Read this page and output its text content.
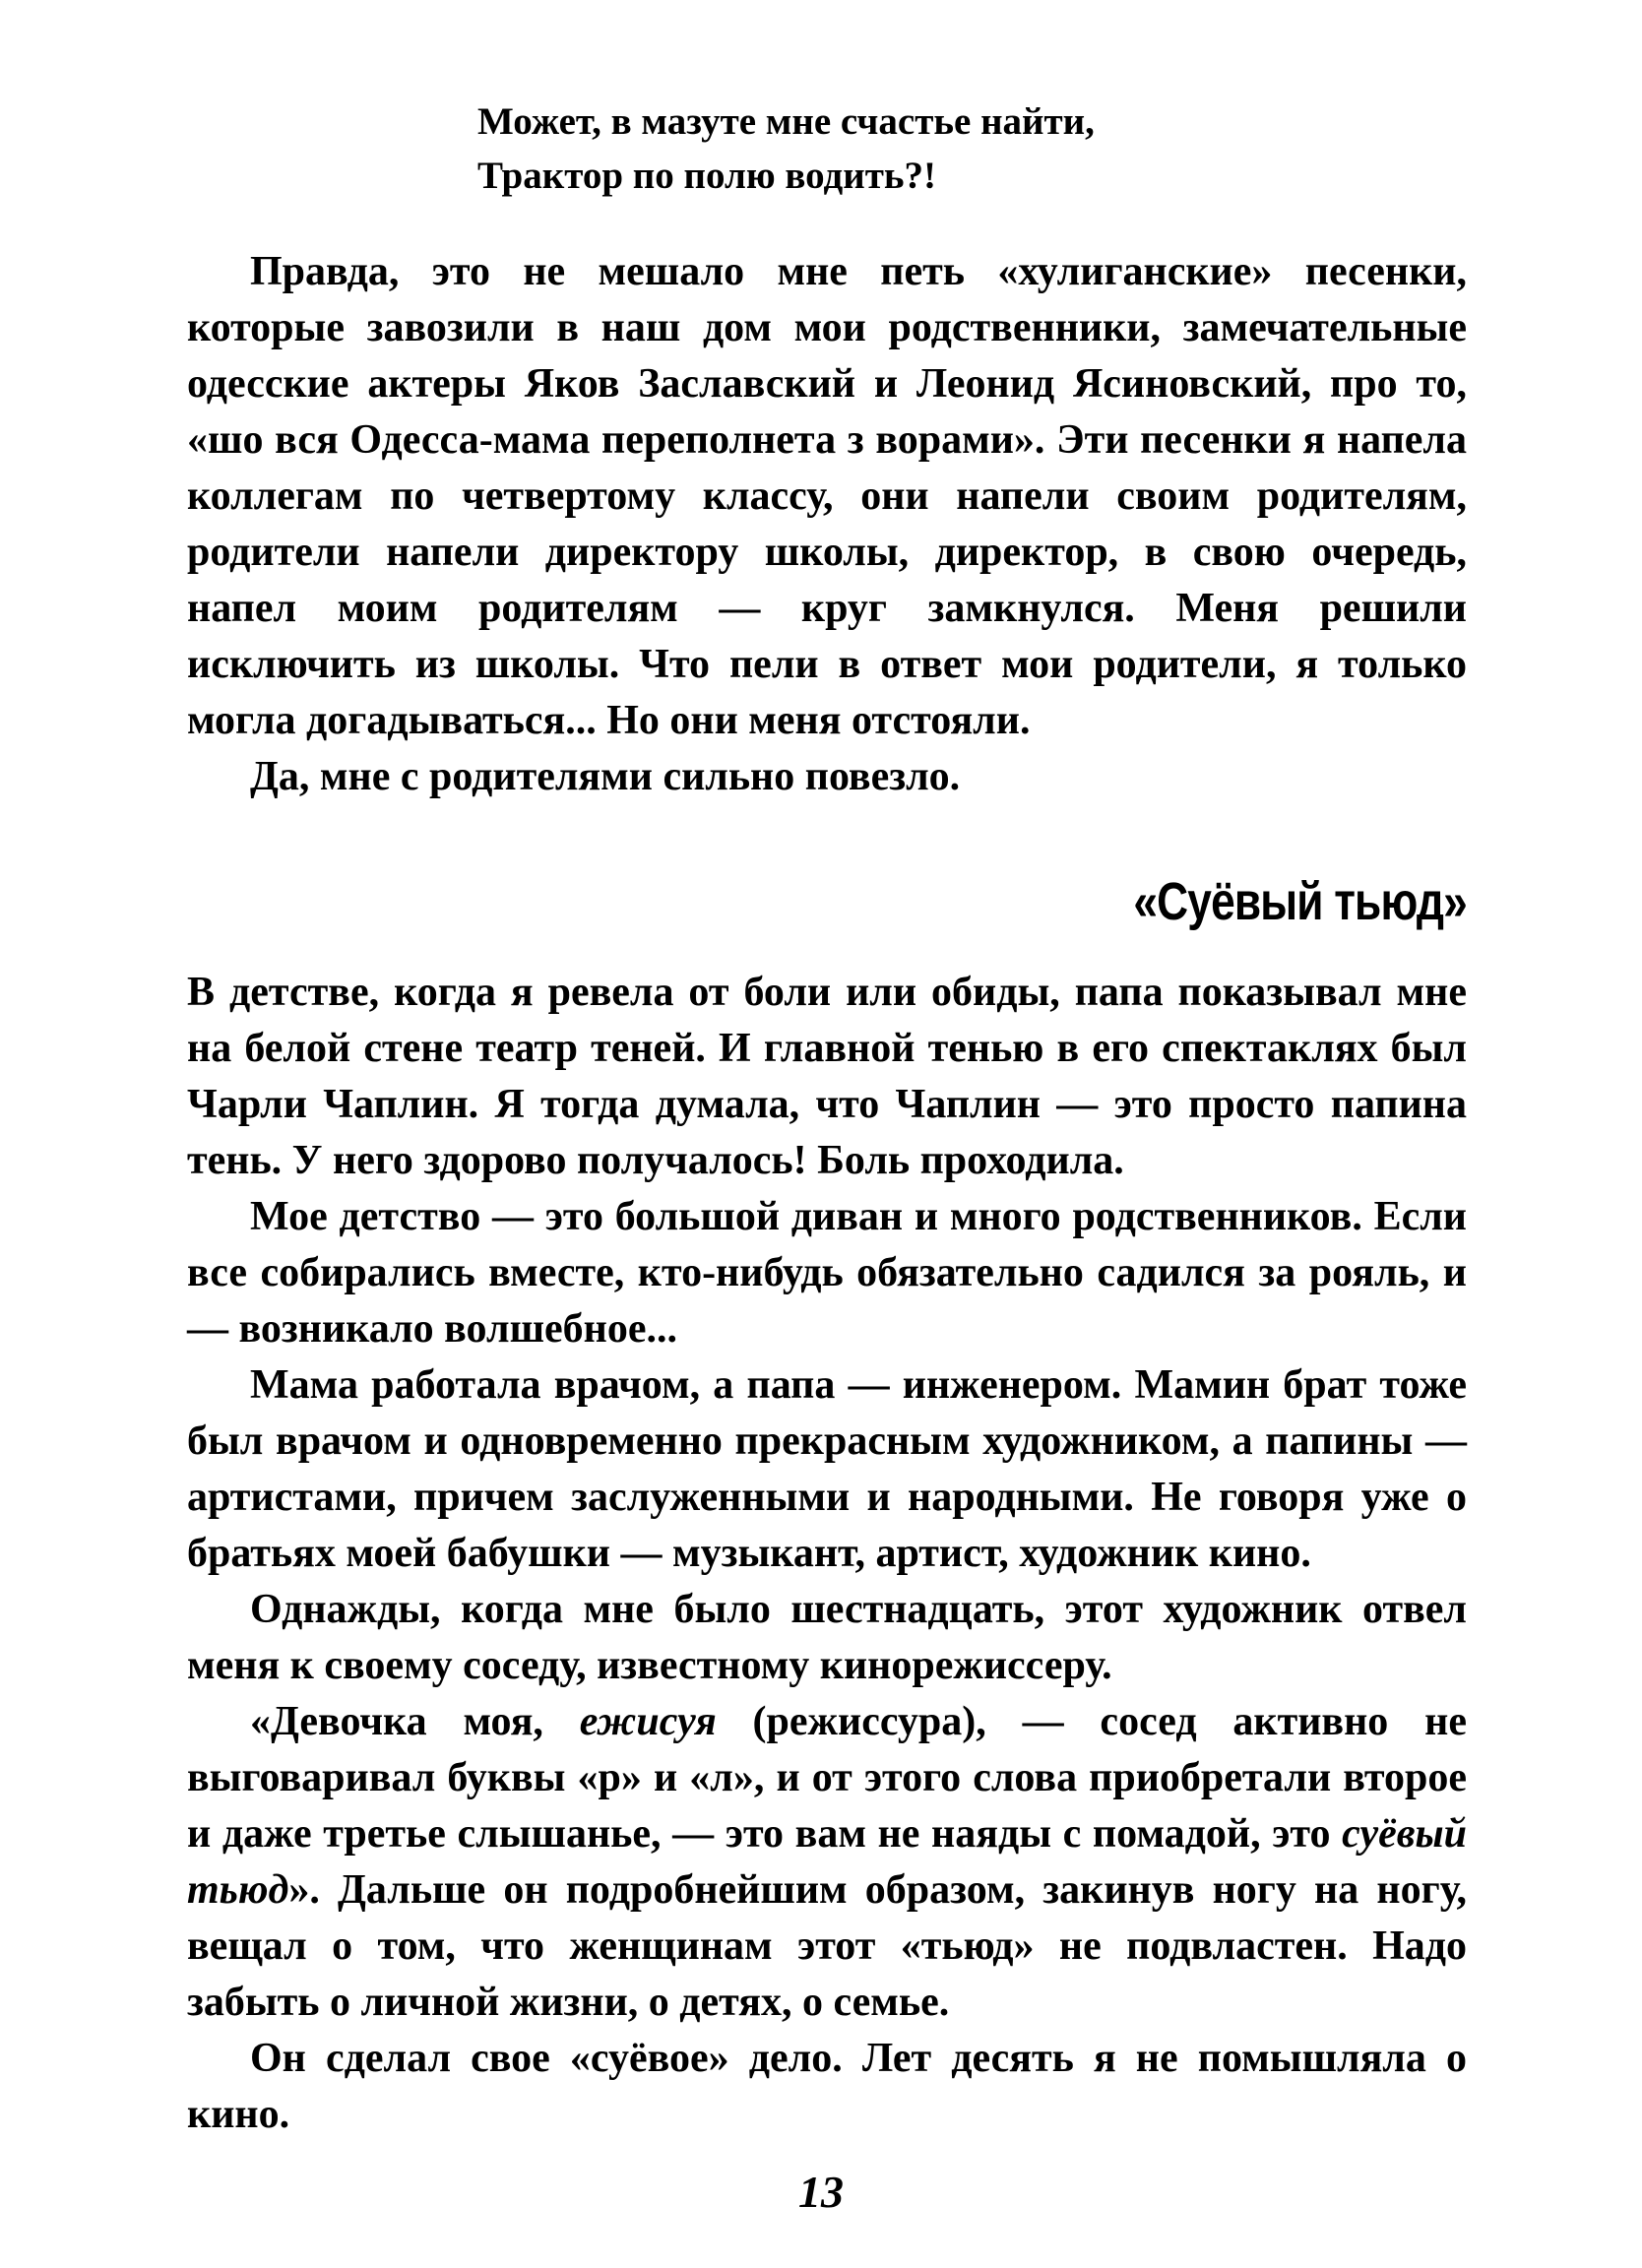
Может, в мазуте мне счастье найти,
Трактор по полю водить?!

Правда, это не мешало мне петь «хулиганские» песенки, которые завозили в наш дом мои родственники, замечательные одесские актеры Яков Заславский и Леонид Ясиновский, про то, «шо вся Одесса-мама переполнета з ворами». Эти песенки я напела коллегам по четвертому классу, они напели своим родителям, родители напели директору школы, директор, в свою очередь, напел моим родителям — круг замкнулся. Меня решили исключить из школы. Что пели в ответ мои родители, я только могла догадываться... Но они меня отстояли.

Да, мне с родителями сильно повезло.

«Суёвый тьюд»

В детстве, когда я ревела от боли или обиды, папа показывал мне на белой стене театр теней. И главной тенью в его спектаклях был Чарли Чаплин. Я тогда думала, что Чаплин — это просто папина тень. У него здорово получалось! Боль проходила.

Мое детство — это большой диван и много родственников. Если все собирались вместе, кто-нибудь обязательно садился за рояль, и — возникало волшебное...

Мама работала врачом, а папа — инженером. Мамин брат тоже был врачом и одновременно прекрасным художником, а папины — артистами, причем заслуженными и народными. Не говоря уже о братьях моей бабушки — музыкант, артист, художник кино.

Однажды, когда мне было шестнадцать, этот художник отвел меня к своему соседу, известному кинорежиссеру.

«Девочка моя, ежисуя (режиссура), — сосед активно не выговаривал буквы «р» и «л», и от этого слова приобретали второе и даже третье слышанье, — это вам не наяды с помадой, это суёвый тьюд». Дальше он подробнейшим образом, закинув ногу на ногу, вещал о том, что женщинам этот «тьюд» не подвластен. Надо забыть о личной жизни, о детях, о семье.

Он сделал свое «суёвое» дело. Лет десять я не помышляла о кино.

13
